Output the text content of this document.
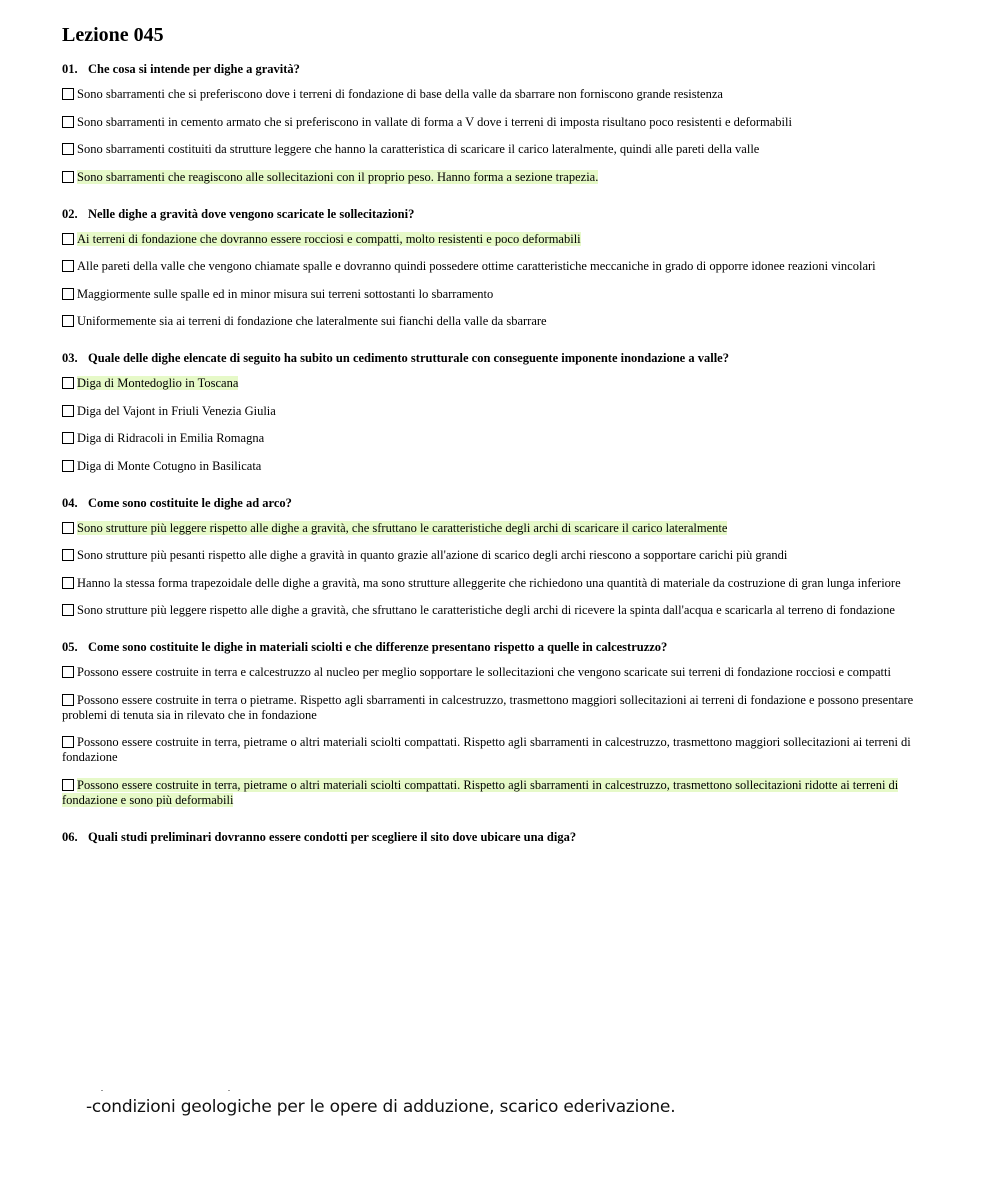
Lezione 045
01. Che cosa si intende per dighe a gravità?
Sono sbarramenti che si preferiscono dove i terreni di fondazione di base della valle da sbarrare non forniscono grande resistenza
Sono sbarramenti in cemento armato che si preferiscono in vallate di forma a V dove i terreni di imposta risultano poco resistenti e deformabili
Sono sbarramenti costituiti da strutture leggere che hanno la caratteristica di scaricare il carico lateralmente, quindi alle pareti della valle
Sono sbarramenti che reagiscono alle sollecitazioni con il proprio peso. Hanno forma a sezione trapezia.
02. Nelle dighe a gravità dove vengono scaricate le sollecitazioni?
Ai terreni di fondazione che dovranno essere rocciosi e compatti, molto resistenti e poco deformabili
Alle pareti della valle che vengono chiamate spalle e dovranno quindi possedere ottime caratteristiche meccaniche in grado di opporre idonee reazioni vincolari
Maggiormente sulle spalle ed in minor misura sui terreni sottostanti lo sbarramento
Uniformemente sia ai terreni di fondazione che lateralmente sui fianchi della valle da sbarrare
03. Quale delle dighe elencate di seguito ha subito un cedimento strutturale con conseguente imponente inondazione a valle?
Diga di Montedoglio in Toscana
Diga del Vajont in Friuli Venezia Giulia
Diga di Ridracoli in Emilia Romagna
Diga di Monte Cotugno in Basilicata
04. Come sono costituite le dighe ad arco?
Sono strutture più leggere rispetto alle dighe a gravità, che sfruttano le caratteristiche degli archi di scaricare il carico lateralmente
Sono strutture più pesanti rispetto alle dighe a gravità in quanto grazie all'azione di scarico degli archi riescono a sopportare carichi più grandi
Hanno la stessa forma trapezoidale delle dighe a gravità, ma sono strutture alleggerite che richiedono una quantità di materiale da costruzione di gran lunga inferiore
Sono strutture più leggere rispetto alle dighe a gravità, che sfruttano le caratteristiche degli archi di ricevere la spinta dall'acqua e scaricarla al terreno di fondazione
05. Come sono costituite le dighe in materiali sciolti e che differenze presentano rispetto a quelle in calcestruzzo?
Possono essere costruite in terra e calcestruzzo al nucleo per meglio sopportare le sollecitazioni che vengono scaricate sui terreni di fondazione rocciosi e compatti
Possono essere costruite in terra o pietrame. Rispetto agli sbarramenti in calcestruzzo, trasmettono maggiori sollecitazioni ai terreni di fondazione e possono presentare problemi di tenuta sia in rilevato che in fondazione
Possono essere costruite in terra, pietrame o altri materiali sciolti compattati. Rispetto agli sbarramenti in calcestruzzo, trasmettono maggiori sollecitazioni ai terreni di fondazione
Possono essere costruite in terra, pietrame o altri materiali sciolti compattati. Rispetto agli sbarramenti in calcestruzzo, trasmettono sollecitazioni ridotte ai terreni di fondazione e sono più deformabili
06. Quali studi preliminari dovranno essere condotti per scegliere il sito dove ubicare una diga?
-condizioni geologiche per le opere di adduzione, scarico ederivazione.
